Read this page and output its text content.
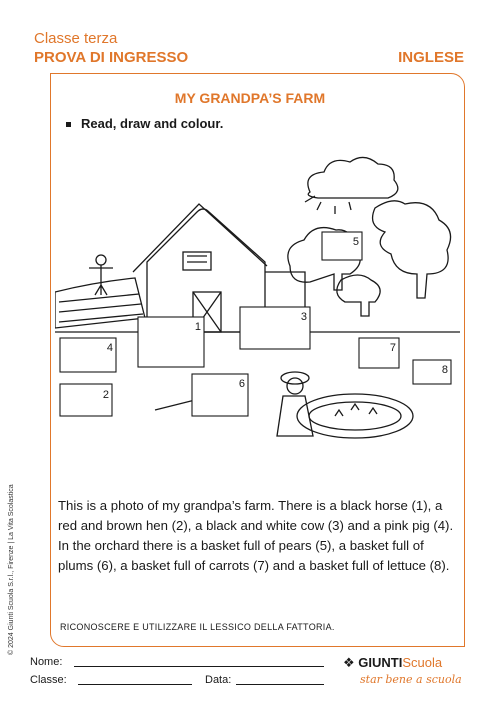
Classe terza
PROVA DI INGRESSO	INGLESE
MY GRANDPA’S FARM
Read, draw and colour.
1
2
3
4
5
6
7
8
This is a photo of my grandpa’s farm. There is a black horse (1), a red and brown hen (2), a black and white cow (3) and a pink pig (4). In the orchard there is a basket full of pears (5), a basket full of plums (6), a basket full of carrots (7) and a basket full of lettuce (8).
RICONOSCERE E UTILIZZARE IL LESSICO DELLA FATTORIA.
© 2024 Giunti Scuola S.r.l., Firenze | La Vita Scolastica
Nome:
Classe:	Data:
❖ GIUNTIScuola
star bene a scuola
